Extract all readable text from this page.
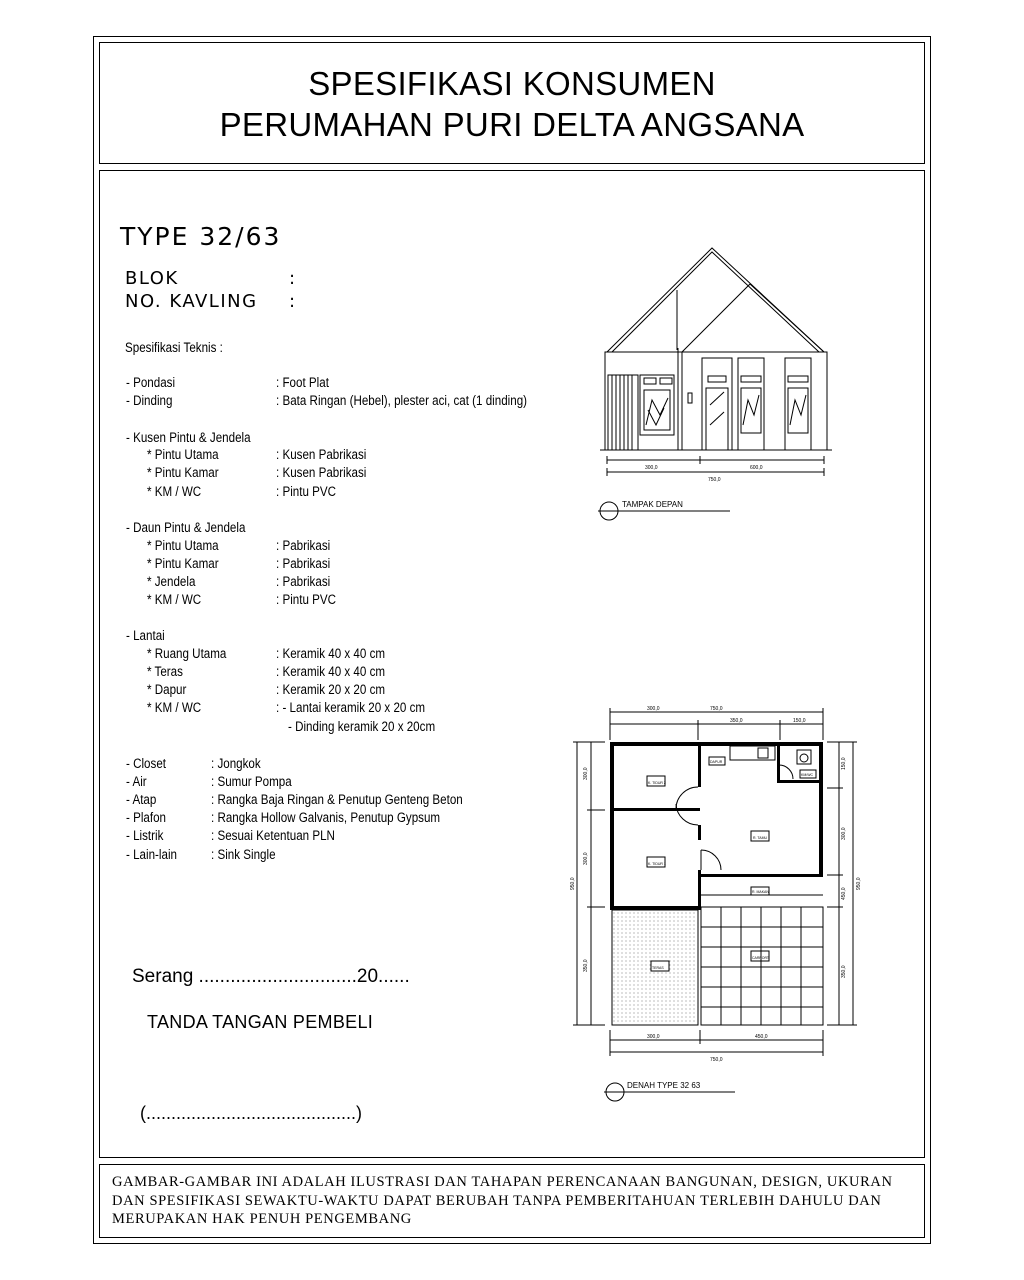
SPESIFIKASI KONSUMEN
PERUMAHAN PURI DELTA ANGSANA
TYPE 32/63
BLOK	:
NO. KAVLING :
Spesifikasi Teknis :
- Pondasi	: Foot Plat
- Dinding	: Bata Ringan (Hebel), plester aci, cat (1 dinding)
- Kusen Pintu & Jendela
* Pintu Utama	: Kusen Pabrikasi
* Pintu Kamar	: Kusen Pabrikasi
* KM / WC	: Pintu PVC
- Daun Pintu & Jendela
* Pintu Utama	: Pabrikasi
* Pintu Kamar	: Pabrikasi
* Jendela	: Pabrikasi
* KM / WC	: Pintu PVC
- Lantai
* Ruang Utama	: Keramik 40 x 40 cm
* Teras	: Keramik 40 x 40 cm
* Dapur	: Keramik 20 x 20 cm
* KM / WC	: - Lantai keramik 20 x 20 cm
- Dinding keramik 20 x 20cm
- Closet	: Jongkok
- Air	: Sumur Pompa
- Atap	: Rangka Baja Ringan & Penutup Genteng Beton
- Plafon	: Rangka Hollow Galvanis, Penutup Gypsum
- Listrik	: Sesuai Ketentuan PLN
- Lain-lain	: Sink Single
Serang ..............................20......
TANDA TANGAN PEMBELI
(..........................................)
300,0	600,0
750,0
TAMPAK DEPAN
300,0
350,0	150,0
750,0
300,0	450,0
750,0
300,0
300,0
350,0
950,0
150,0
300,0
450,0
350,0
950,0
K. TIDUR 2
K. TIDUR 1
R. TAMU
DAPUR
KM/WC
TERAS
CARPORT
R. MAKAN
DENAH TYPE 32 63
GAMBAR-GAMBAR INI ADALAH ILUSTRASI DAN TAHAPAN PERENCANAAN BANGUNAN, DESIGN, UKURAN
DAN SPESIFIKASI SEWAKTU-WAKTU DAPAT BERUBAH TANPA PEMBERITAHUAN TERLEBIH DAHULU DAN
MERUPAKAN HAK PENUH PENGEMBANG
